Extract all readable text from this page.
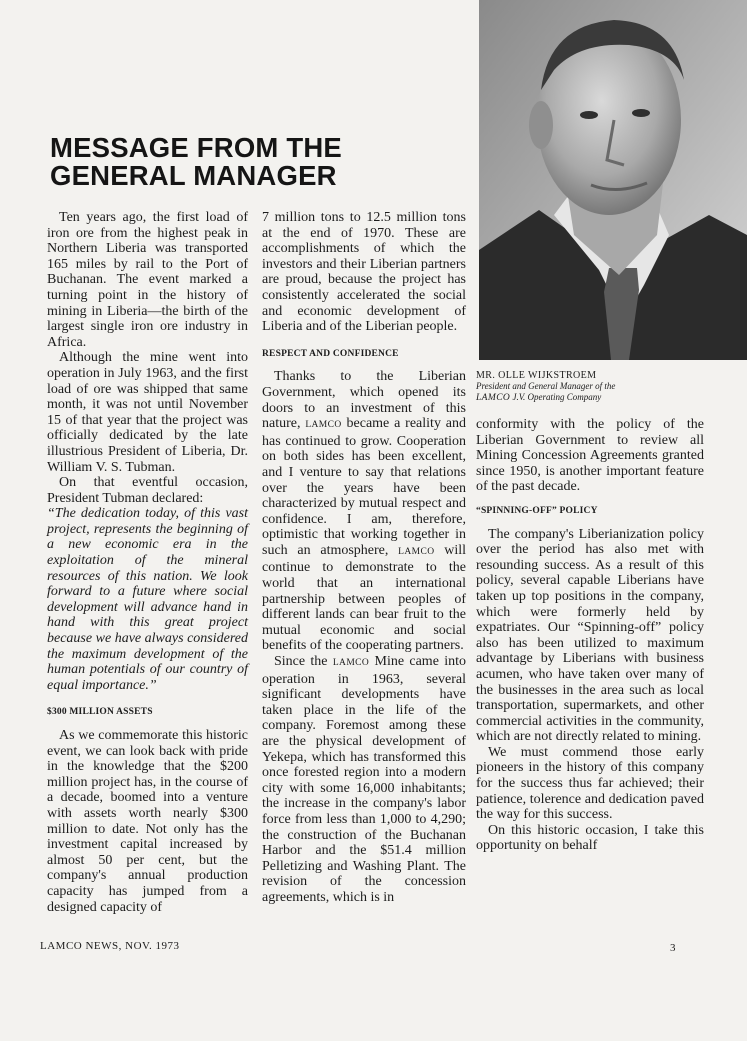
MESSAGE FROM THE GENERAL MANAGER
MR. OLLE WIJKSTROEM
President and General Manager of the
LAMCO J.V. Operating Company

Ten years ago, the first load of iron ore from the highest peak in Northern Liberia was transported 165 miles by rail to the Port of Buchanan. The event marked a turning point in the history of mining in Liberia—the birth of the largest single iron ore industry in Africa.

Although the mine went into operation in July 1963, and the first load of ore was shipped that same month, it was not until November 15 of that year that the project was officially dedicated by the late illustrious President of Liberia, Dr. William V. S. Tubman.

On that eventful occasion, President Tubman declared:

“The dedication today, of this vast project, represents the beginning of a new economic era in the exploitation of the mineral resources of this nation. We look forward to a future where social development will advance hand in hand with this great project because we have always considered the maximum development of the human potentials of our country of equal importance.”

$300 MILLION ASSETS

As we commemorate this historic event, we can look back with pride in the knowledge that the $200 million project has, in the course of a decade, boomed into a venture with assets worth nearly $300 million to date. Not only has the investment capital increased by almost 50 per cent, but the company's annual production capacity has jumped from a designed capacity of

7 million tons to 12.5 million tons at the end of 1970. These are accomplishments of which the investors and their Liberian partners are proud, because the project has consistently accelerated the social and economic development of Liberia and of the Liberian people.

RESPECT AND CONFIDENCE

Thanks to the Liberian Government, which opened its doors to an investment of this nature, LAMCO became a reality and has continued to grow. Cooperation on both sides has been excellent, and I venture to say that relations over the years have been characterized by mutual respect and confidence. I am, therefore, optimistic that working together in such an atmosphere, LAMCO will continue to demonstrate to the world that an international partnership between peoples of different lands can bear fruit to the mutual economic and social benefits of the cooperating partners.

Since the LAMCO Mine came into operation in 1963, several significant developments have taken place in the life of the company. Foremost among these are the physical development of Yekepa, which has transformed this once forested region into a modern city with some 16,000 inhabitants; the increase in the company's labor force from less than 1,000 to 4,290; the construction of the Buchanan Harbor and the $51.4 million Pelletizing and Washing Plant. The revision of the concession agreements, which is in

conformity with the policy of the Liberian Government to review all Mining Concession Agreements granted since 1950, is another important feature of the past decade.

“SPINNING-OFF” POLICY

The company's Liberianization policy over the period has also met with resounding success. As a result of this policy, several capable Liberians have taken up top positions in the company, which were formerly held by expatriates. Our “Spinning-off” policy also has been utilized to maximum advantage by Liberians with business acumen, who have taken over many of the businesses in the area such as local transportation, supermarkets, and other commercial activities in the community, which are not directly related to mining.

We must commend those early pioneers in the history of this company for the success thus far achieved; their patience, tolerence and dedication paved the way for this success.

On this historic occasion, I take this opportunity on behalf

LAMCO NEWS, NOV. 1973	3
